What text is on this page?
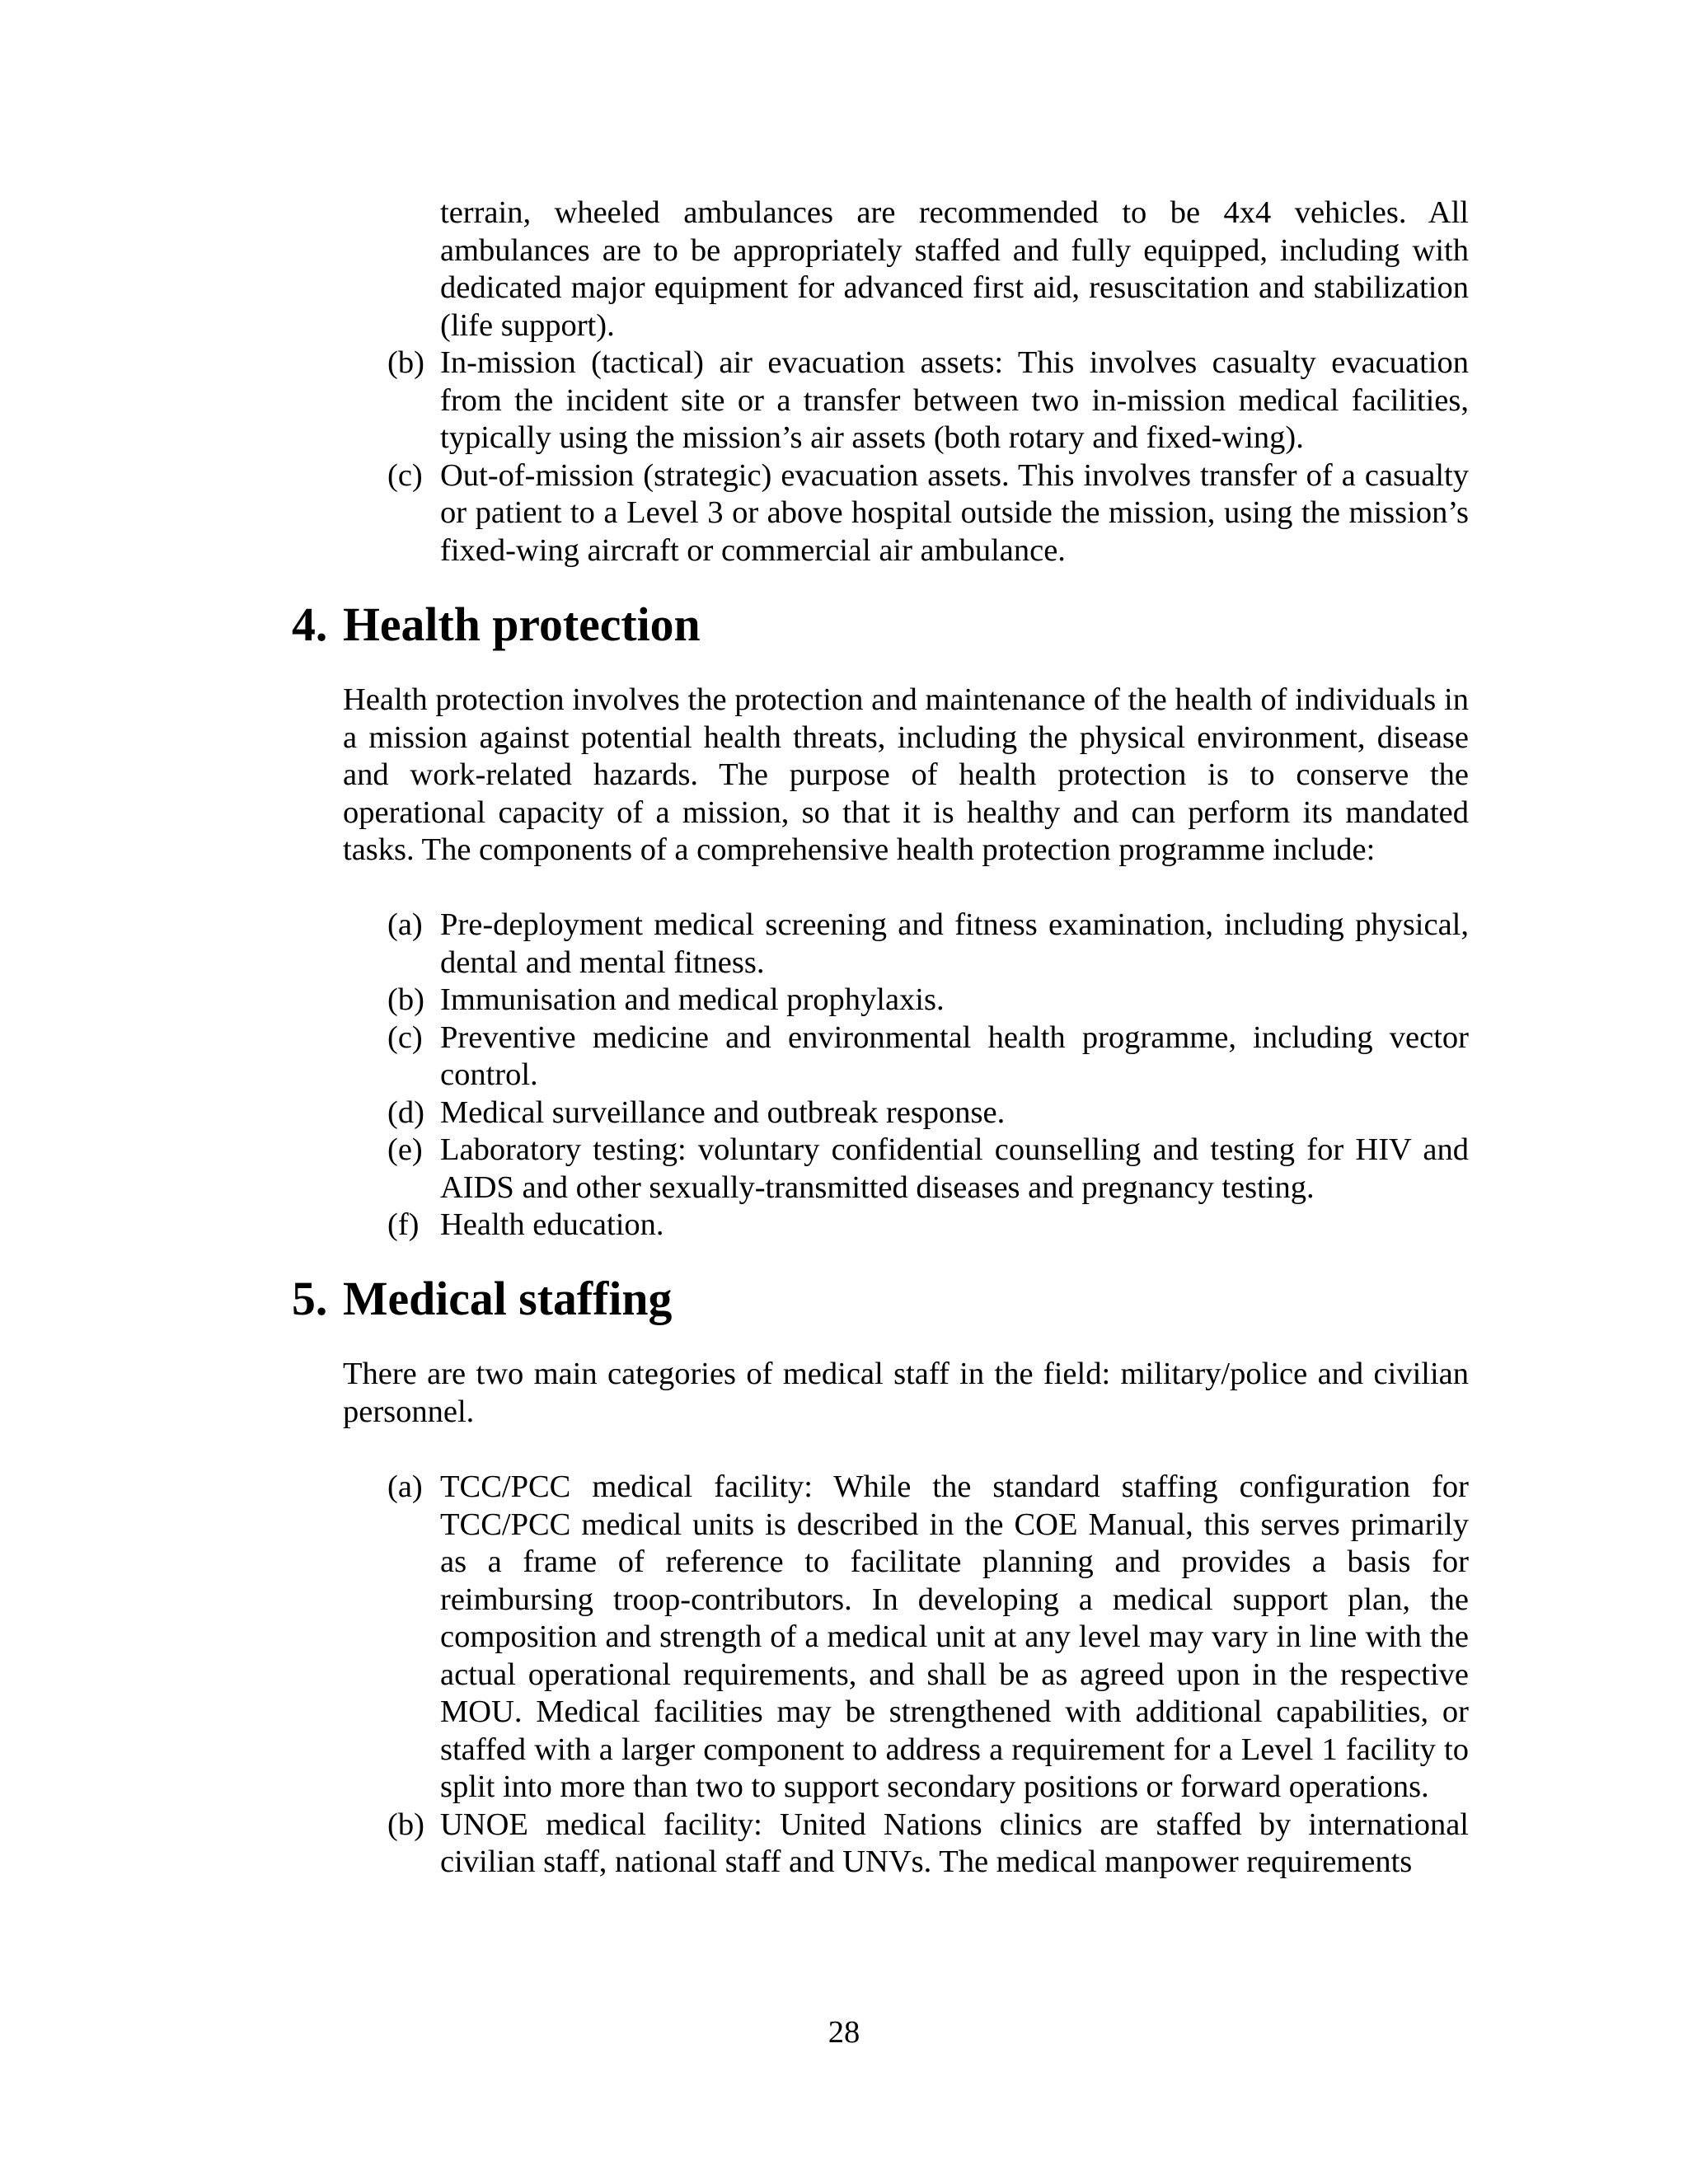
terrain, wheeled ambulances are recommended to be 4x4 vehicles. All ambulances are to be appropriately staffed and fully equipped, including with dedicated major equipment for advanced first aid, resuscitation and stabilization (life support).

(b) In-mission (tactical) air evacuation assets: This involves casualty evacuation from the incident site or a transfer between two in-mission medical facilities, typically using the mission’s air assets (both rotary and fixed-wing).

(c) Out-of-mission (strategic) evacuation assets. This involves transfer of a casualty or patient to a Level 3 or above hospital outside the mission, using the mission’s fixed-wing aircraft or commercial air ambulance.

4. Health protection

Health protection involves the protection and maintenance of the health of individuals in a mission against potential health threats, including the physical environment, disease and work-related hazards. The purpose of health protection is to conserve the operational capacity of a mission, so that it is healthy and can perform its mandated tasks. The components of a comprehensive health protection programme include:

(a) Pre-deployment medical screening and fitness examination, including physical, dental and mental fitness.

(b) Immunisation and medical prophylaxis.

(c) Preventive medicine and environmental health programme, including vector control.

(d) Medical surveillance and outbreak response.

(e) Laboratory testing: voluntary confidential counselling and testing for HIV and AIDS and other sexually-transmitted diseases and pregnancy testing.

(f) Health education.

5. Medical staffing

There are two main categories of medical staff in the field: military/police and civilian personnel.

(a) TCC/PCC medical facility: While the standard staffing configuration for TCC/PCC medical units is described in the COE Manual, this serves primarily as a frame of reference to facilitate planning and provides a basis for reimbursing troop-contributors. In developing a medical support plan, the composition and strength of a medical unit at any level may vary in line with the actual operational requirements, and shall be as agreed upon in the respective MOU. Medical facilities may be strengthened with additional capabilities, or staffed with a larger component to address a requirement for a Level 1 facility to split into more than two to support secondary positions or forward operations.

(b) UNOE medical facility: United Nations clinics are staffed by international civilian staff, national staff and UNVs. The medical manpower requirements

28
